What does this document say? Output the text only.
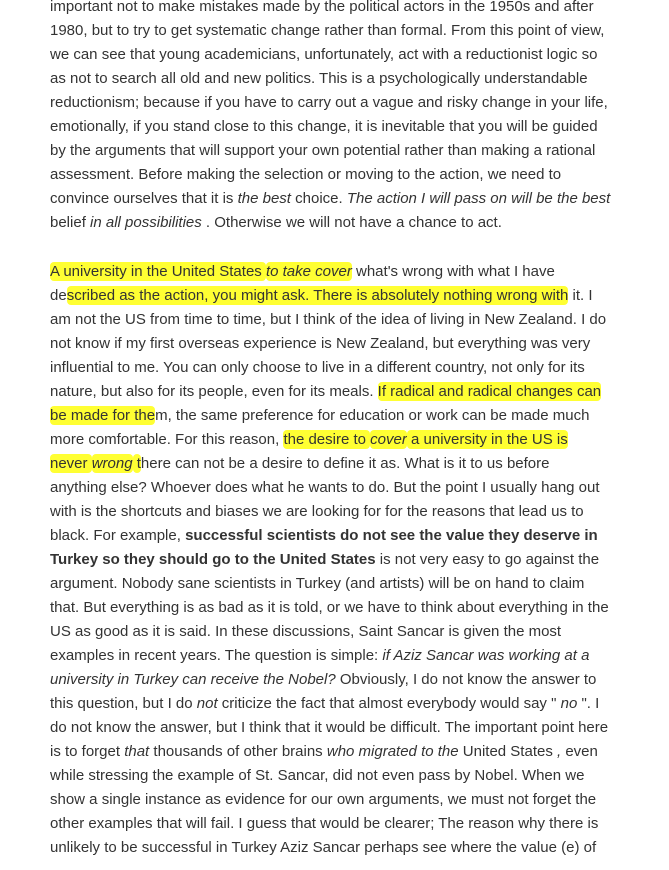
important not to make mistakes made by the political actors in the 1950s and after
1980, but to try to get systematic change rather than formal. From this point of view,
we can see that young academicians, unfortunately, act with a reductionist logic so
as not to search all old and new politics. This is a psychologically understandable
reductionism; because if you have to carry out a vague and risky change in your life,
emotionally, if you stand close to this change, it is inevitable that you will be guided
by the arguments that will support your own potential rather than making a rational
assessment. Before making the selection or moving to the action, we need to
convince ourselves that it is the best choice. The action I will pass on will be the best
belief in all possibilities . Otherwise we will not have a chance to act.
A university in the United States to take cover what's wrong with what I have
described as the action, you might ask. There is absolutely nothing wrong with it. I
am not the US from time to time, but I think of the idea of living in New Zealand. I do
not know if my first overseas experience is New Zealand, but everything was very
influential to me. You can only choose to live in a different country, not only for its
nature, but also for its people, even for its meals. If radical and radical changes can
be made for them, the same preference for education or work can be made much
more comfortable. For this reason, the desire to cover a university in the US is
never wrong there can not be a desire to define it as. What is it to us before
anything else? Whoever does what he wants to do. But the point I usually hang out
with is the shortcuts and biases we are looking for for the reasons that lead us to
black. For example, successful scientists do not see the value they deserve in
Turkey so they should go to the United States is not very easy to go against the
argument. Nobody sane scientists in Turkey (and artists) will be on hand to claim
that. But everything is as bad as it is told, or we have to think about everything in the
US as good as it is said. In these discussions, Saint Sancar is given the most
examples in recent years. The question is simple: if Aziz Sancar was working at a
university in Turkey can receive the Nobel? Obviously, I do not know the answer to
this question, but I do not criticize the fact that almost everybody would say " no ". I
do not know the answer, but I think that it would be difficult. The important point here
is to forget that thousands of other brains who migrated to the United States , even
while stressing the example of St. Sancar, did not even pass by Nobel. When we
show a single instance as evidence for our own arguments, we must not forget the
other examples that will fail. I guess that would be clearer; The reason why there is
unlikely to be successful in Turkey Aziz Sancar perhaps see where the value (e) of
